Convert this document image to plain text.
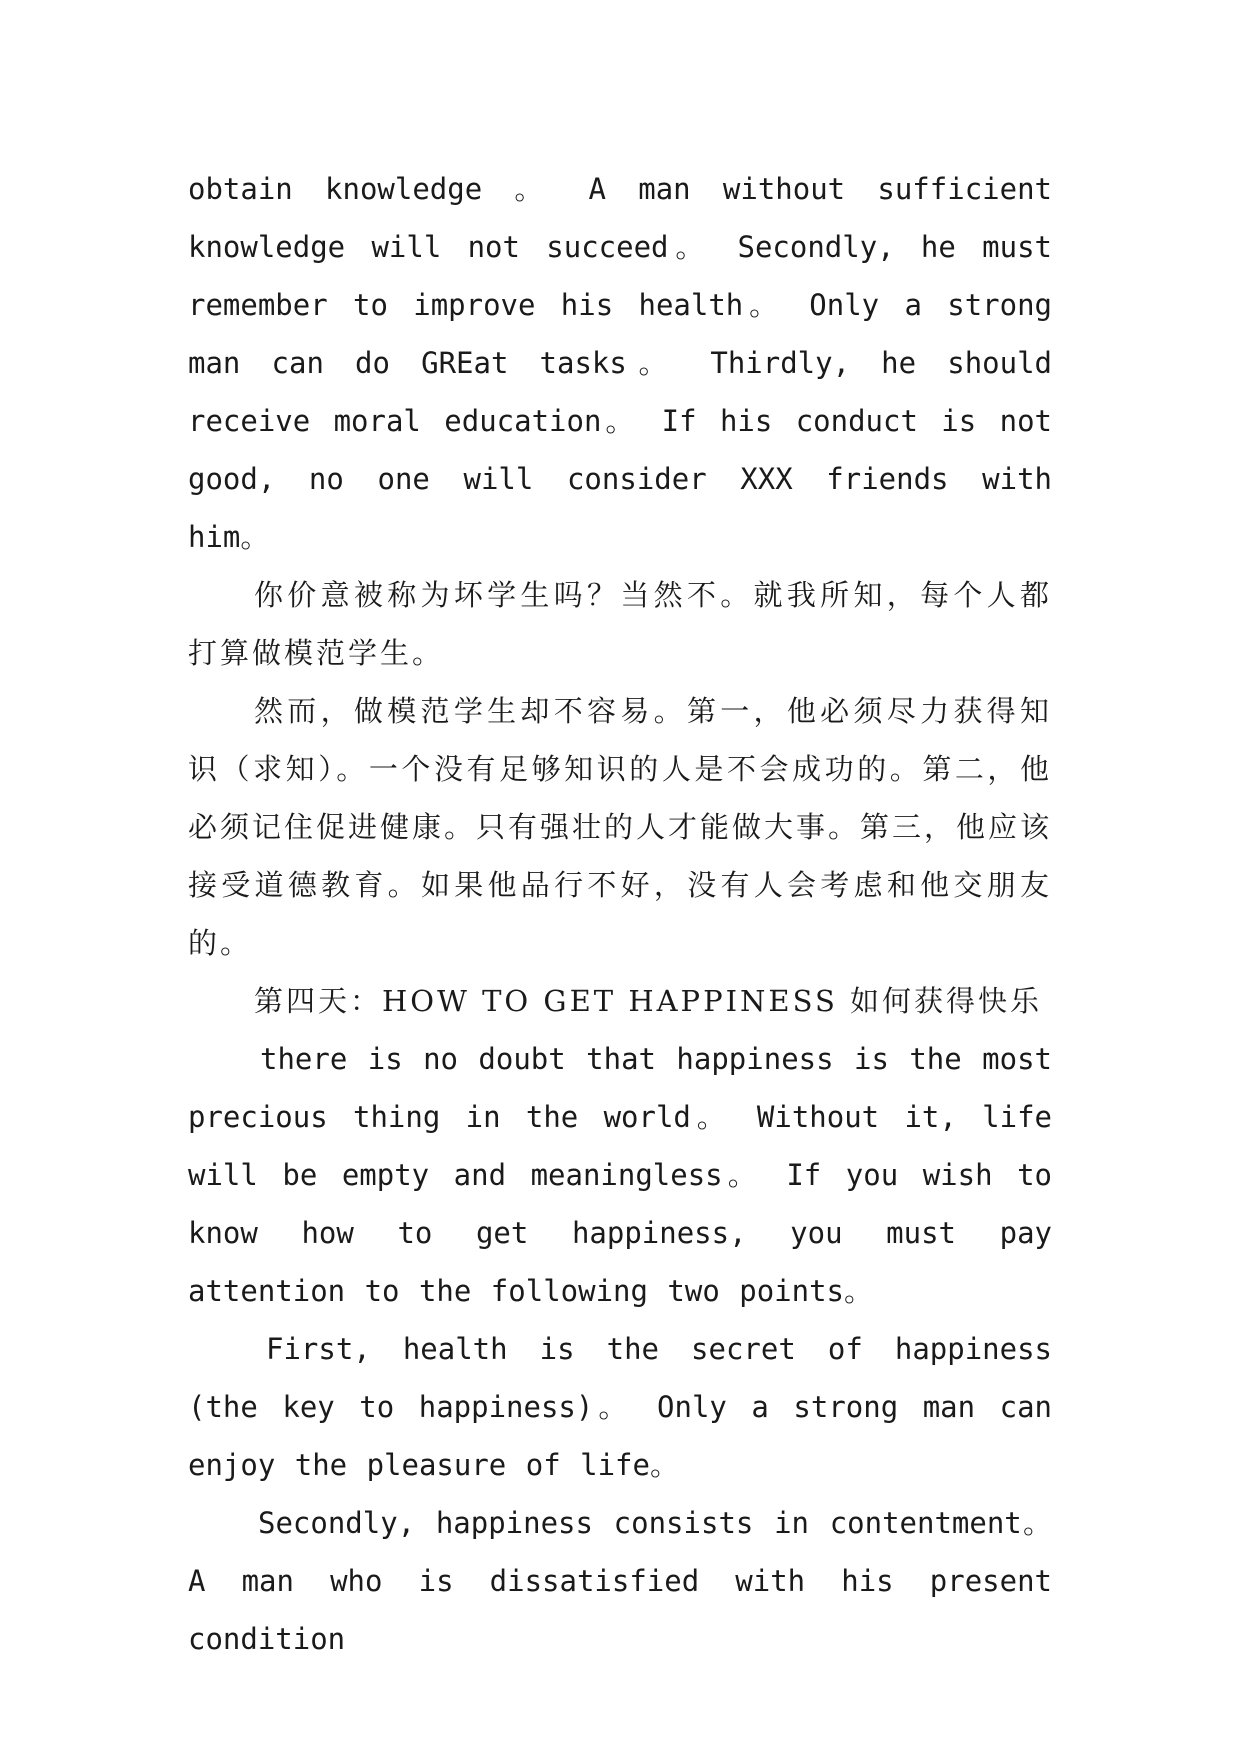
obtain knowledge 。 A man without sufficient knowledge will not succeed。 Secondly, he must remember to improve his health。 Only a strong man can do GREat tasks。 Thirdly, he should receive moral education。 If his conduct is not good, no one will consider XXX friends with him。

你价意被称为坏学生吗？当然不。就我所知，每个人都打算做模范学生。

然而，做模范学生却不容易。第一，他必须尽力获得知识（求知）。一个没有足够知识的人是不会成功的。第二，他必须记住促进健康。只有强壮的人才能做大事。第三，他应该接受道德教育。如果他品行不好，没有人会考虑和他交朋友的。

第四天：HOW TO GET HAPPINESS 如何获得快乐

there is no doubt that happiness is the most precious thing in the world。 Without it, life will be empty and meaningless。 If you wish to know how to get happiness, you must pay attention to the following two points。

First, health is the secret of happiness (the key to happiness)。 Only a strong man can enjoy the pleasure of life。

Secondly, happiness consists in contentment。 A man who is dissatisfied with his present condition
